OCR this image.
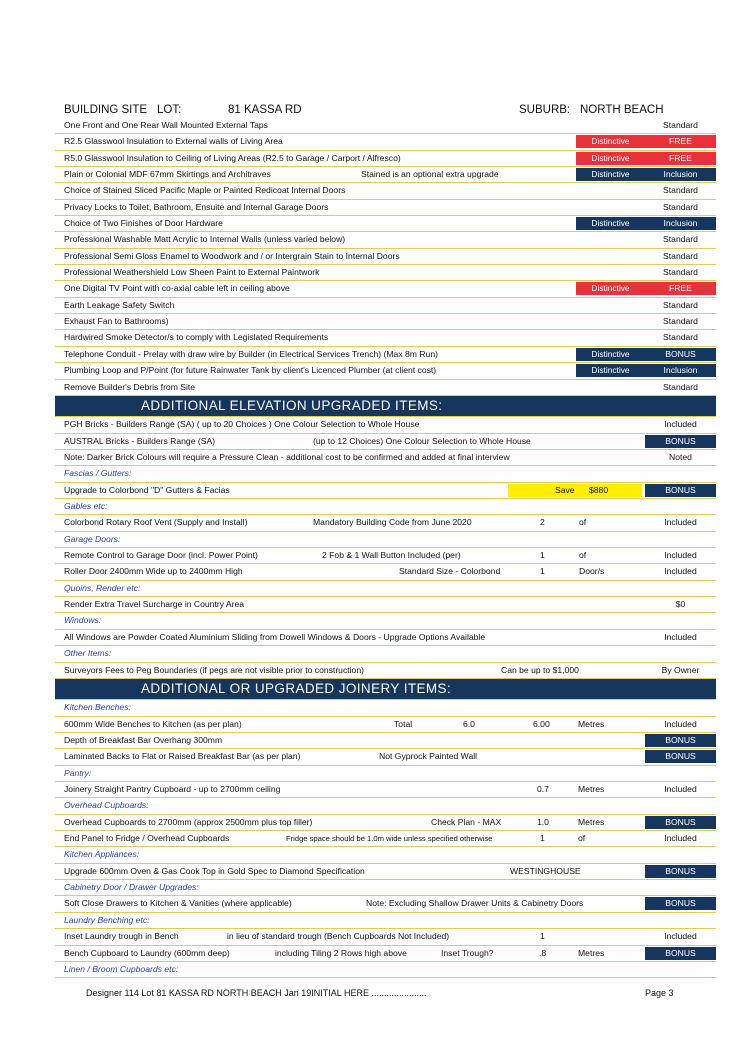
BUILDING SITE LOT:	81 KASSA RD	SUBURB: NORTH BEACH
One Front and One Rear Wall Mounted External Taps	Standard
R2.5 Glasswool Insulation to External walls of Living Area	Distinctive	FREE
R5.0 Glasswool Insulation to Ceiling of Living Areas (R2.5 to Garage / Carport / Alfresco)	Distinctive	FREE
Plain or Colonial MDF 67mm Skirtings and Architraves	Stained is an optional extra upgrade	Distinctive	Inclusion
Choice of Stained Sliced Pacific Maple or Painted Redicoat Internal Doors	Standard
Privacy Locks to Toilet, Bathroom, Ensuite and Internal Garage Doors	Standard
Choice of Two Finishes of Door Hardware	Distinctive	Inclusion
Professional Washable Matt Acrylic to Internal Walls (unless varied below)	Standard
Professional Semi Gloss Enamel to Woodwork and / or Intergrain Stain to Internal Doors	Standard
Professional Weathershield Low Sheen Paint to External Paintwork	Standard
One Digital TV Point with co-axial cable left in ceiling above	Distinctive	FREE
Earth Leakage Safety Switch	Standard
Exhaust Fan to Bathrooms)	Standard
Hardwired Smoke Detector/s to comply with Legislated Requirements	Standard
Telephone Conduit - Prelay with draw wire by Builder (in Electrical Services Trench) (Max 8m Run)	Distinctive	BONUS
Plumbing Loop and P/Point (for future Rainwater Tank by client's Licenced Plumber (at client cost)	Distinctive	Inclusion
Remove Builder's Debris from Site	Standard
ADDITIONAL ELEVATION UPGRADED ITEMS:
PGH Bricks - Builders Range (SA) ( up to 20 Choices ) One Colour Selection to Whole House	Included
AUSTRAL Bricks - Builders Range (SA)	(up to 12 Choices) One Colour Selection to Whole House	BONUS
Note: Darker Brick Colours will require a Pressure Clean - additional cost to be confirmed and added at final interview	Noted
Fascias / Gutters:
Upgrade to Colorbond "D" Gutters & Facias	Save $880	BONUS
Gables etc:
Colorbond Rotary Roof Vent (Supply and Install)	Mandatory Building Code from June 2020	2	of	Included
Garage Doors:
Remote Control to Garage Door (incl. Power Point)	2 Fob & 1 Wall Button Included (per)	1	of	Included
Roller Door 2400mm Wide up to 2400mm High	Standard Size - Colorbond	1	Door/s	Included
Quoins, Render etc:
Render Extra Travel Surcharge in Country Area	$0
Windows:
All Windows are Powder Coated Aluminium Sliding from Dowell Windows & Doors - Upgrade Options Available	Included
Other Items:
Surveyors Fees to Peg Boundaries (if pegs are not visible prior to construction)	Can be up to $1,000	By Owner
ADDITIONAL OR UPGRADED JOINERY ITEMS:
Kitchen Benches:
600mm Wide Benches to Kitchen (as per plan)	Total	6.0	6.00	Metres	Included
Depth of Breakfast Bar Overhang 300mm	BONUS
Laminated Backs to Flat or Raised Breakfast Bar (as per plan)	Not Gyprock Painted Wall	BONUS
Pantry:
Joinery Straight Pantry Cupboard - up to 2700mm ceiling	0.7	Metres	Included
Overhead Cupboards:
Overhead Cupboards to 2700mm (approx 2500mm plus top filler)	Check Plan - MAX	1.0	Metres	BONUS
End Panel to Fridge / Overhead Cupboards	Fridge space should be 1.0m wide unless specified otherwise	1	of	Included
Kitchen Appliances:
Upgrade 600mm Oven & Gas Cook Top in Gold Spec to Diamond Specification	WESTINGHOUSE	BONUS
Cabinetry Door / Drawer Upgrades:
Soft Close Drawers to Kitchen & Vanities (where applicable)	Note: Excluding Shallow Drawer Units & Cabinetry Doors	BONUS
Laundry Benching etc:
Inset Laundry trough in Bench	in lieu of standard trough (Bench Cupboards Not Included)	1	Included
Bench Cupboard to Laundry (600mm deep)	including Tiling 2 Rows high above	Inset Trough?	.8	Metres	BONUS
Linen / Broom Cupboards etc:
Designer 114 Lot 81 KASSA RD NORTH BEACH Jan 19INITIAL HERE ......................	Page 3
